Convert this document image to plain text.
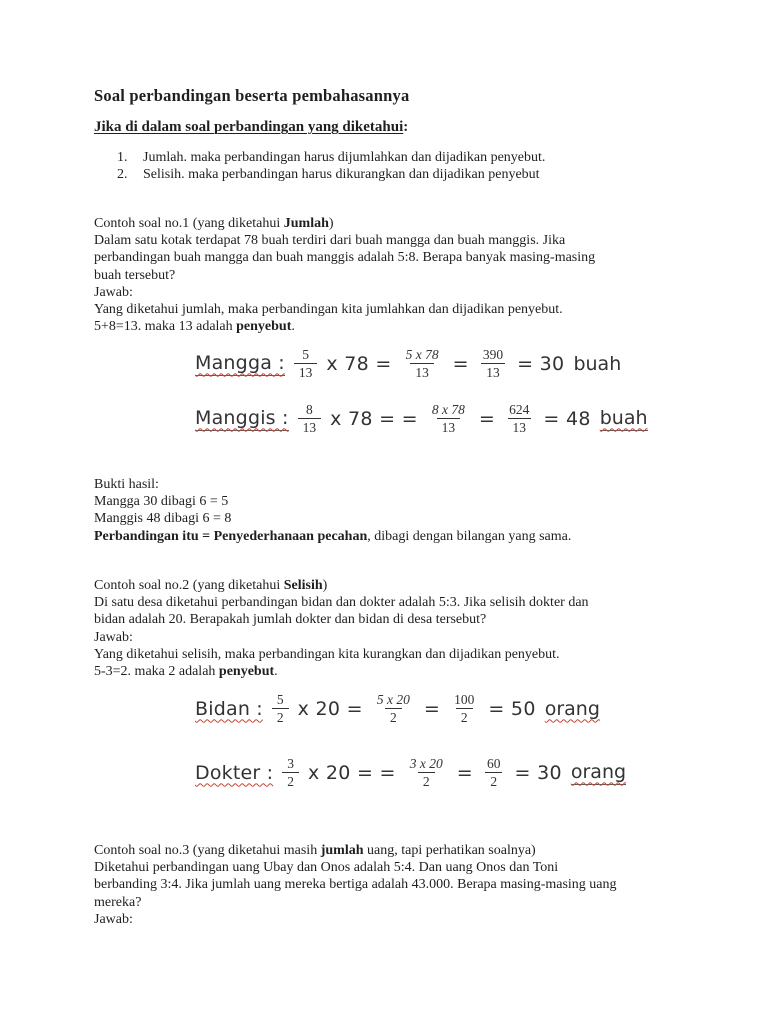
Soal perbandingan beserta pembahasannya
Jika di dalam soal perbandingan yang diketahui:
1. Jumlah. maka perbandingan harus dijumlahkan dan dijadikan penyebut.
2. Selisih. maka perbandingan harus dikurangkan dan dijadikan penyebut
Contoh soal no.1 (yang diketahui Jumlah)
Dalam satu kotak terdapat 78 buah terdiri dari buah mangga dan buah manggis. Jika
perbandingan buah mangga dan buah manggis adalah 5:8. Berapa banyak masing-masing
buah tersebut?
Jawab:
Yang diketahui jumlah, maka perbandingan kita jumlahkan dan dijadikan penyebut.
5+8=13. maka 13 adalah penyebut.
Mangga : $\frac{5}{13}$ x $78 = \frac{5 x 78}{13} = \frac{390}{13} = 30$ buah
Manggis : $\frac{8}{13}$ x 78 = = $\frac{8 x 78}{13} = \frac{624}{13} = 48$ buah
Bukti hasil:
Mangga 30 dibagi 6 = 5
Manggis 48 dibagi 6 = 8
Perbandingan itu = Penyederhanaan pecahan, dibagi dengan bilangan yang sama.
Contoh soal no.2 (yang diketahui Selisih)
Di satu desa diketahui perbandingan bidan dan dokter adalah 5:3. Jika selisih dokter dan
bidan adalah 20. Berapakah jumlah dokter dan bidan di desa tersebut?
Jawab:
Yang diketahui selisih, maka perbandingan kita kurangkan dan dijadikan penyebut.
5-3=2. maka 2 adalah penyebut.
Bidan : $\frac{5}{2}$ x $20 = \frac{5 x 20}{2} = \frac{100}{2} = 50$ orang
Dokter : $\frac{3}{2}$ x 20 = = $\frac{3 x 20}{2} = \frac{60}{2} = 30$ orang
Contoh soal no.3 (yang diketahui masih jumlah uang, tapi perhatikan soalnya)
Diketahui perbandingan uang Ubay dan Onos adalah 5:4. Dan uang Onos dan Toni
berbanding 3:4. Jika jumlah uang mereka bertiga adalah 43.000. Berapa masing-masing uang
mereka?
Jawab:
